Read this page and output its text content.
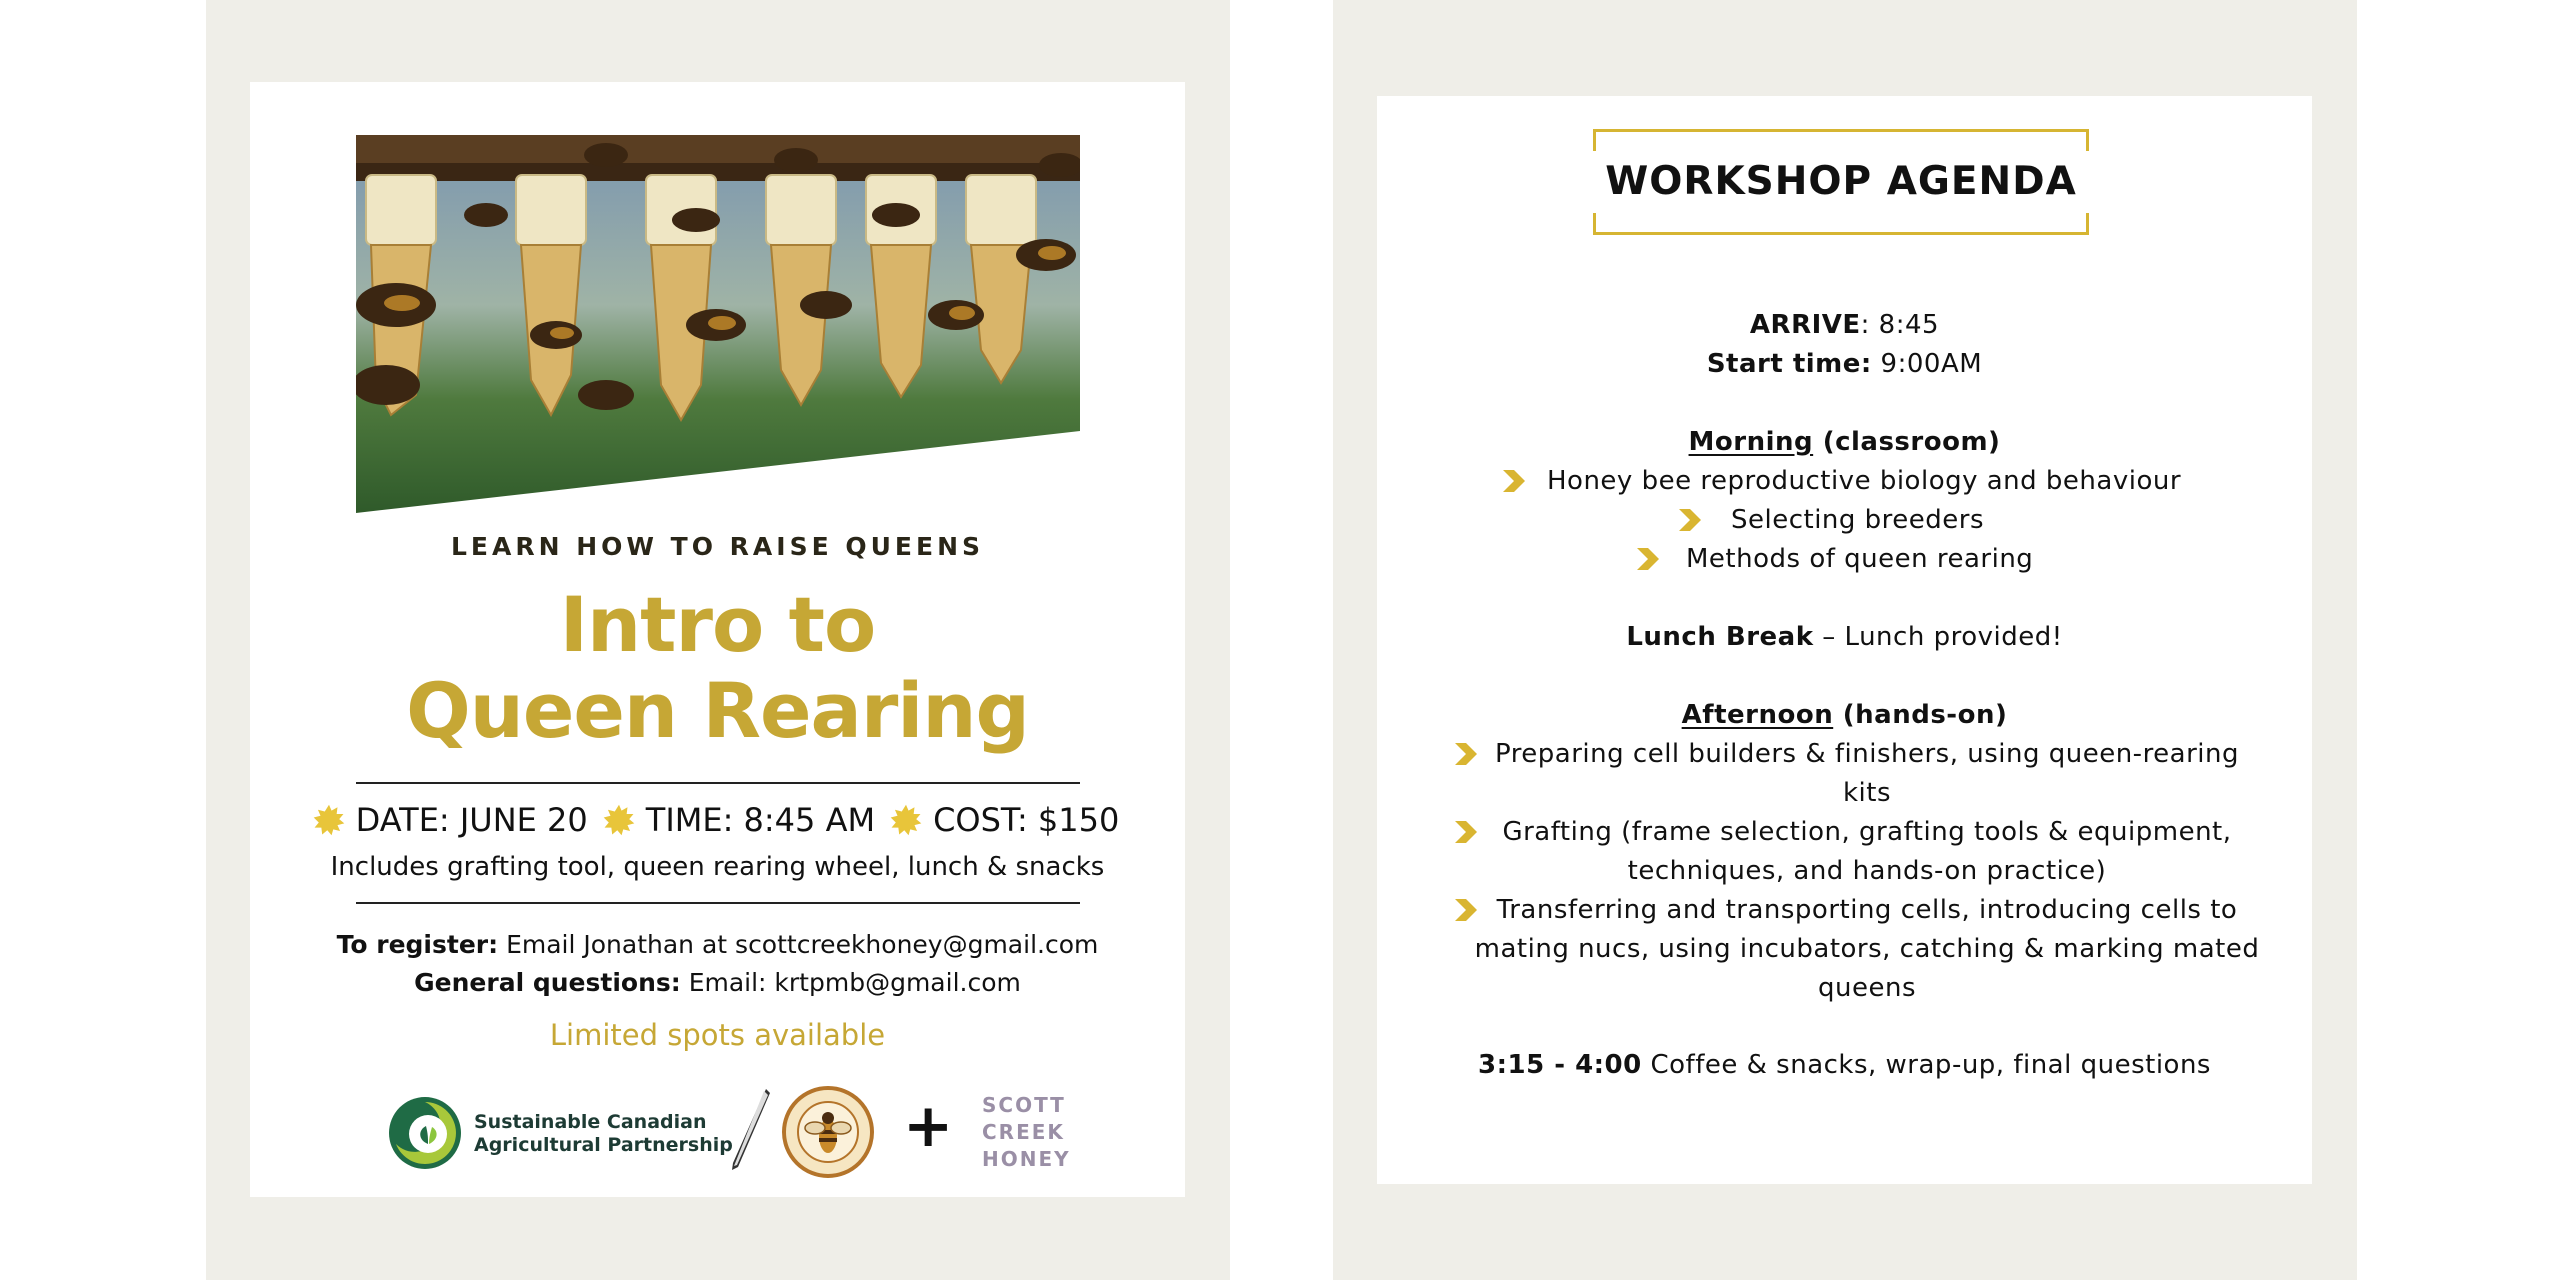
LEARN HOW TO RAISE QUEENS
Intro to
Queen Rearing
DATE: JUNE 20 TIME: 8:45 AM COST: $150
Includes grafting tool, queen rearing wheel, lunch & snacks
To register: Email Jonathan at scottcreekhoney@gmail.com
General questions: Email: krtpmb@gmail.com
Limited spots available
Sustainable Canadian
Agricultural Partnership	+ SCOTT
CREEK
HONEY
WORKSHOP AGENDA
ARRIVE: 8:45
Start time: 9:00AM
Morning (classroom)
Honey bee reproductive biology and behaviour
Selecting breeders
Methods of queen rearing
Lunch Break – Lunch provided!
Afternoon (hands-on)
Preparing cell builders & finishers, using queen-rearing
kits
Grafting (frame selection, grafting tools & equipment,
techniques, and hands-on practice)
Transferring and transporting cells, introducing cells to
mating nucs, using incubators, catching & marking mated
queens
3:15 - 4:00 Coffee & snacks, wrap-up, final questions
